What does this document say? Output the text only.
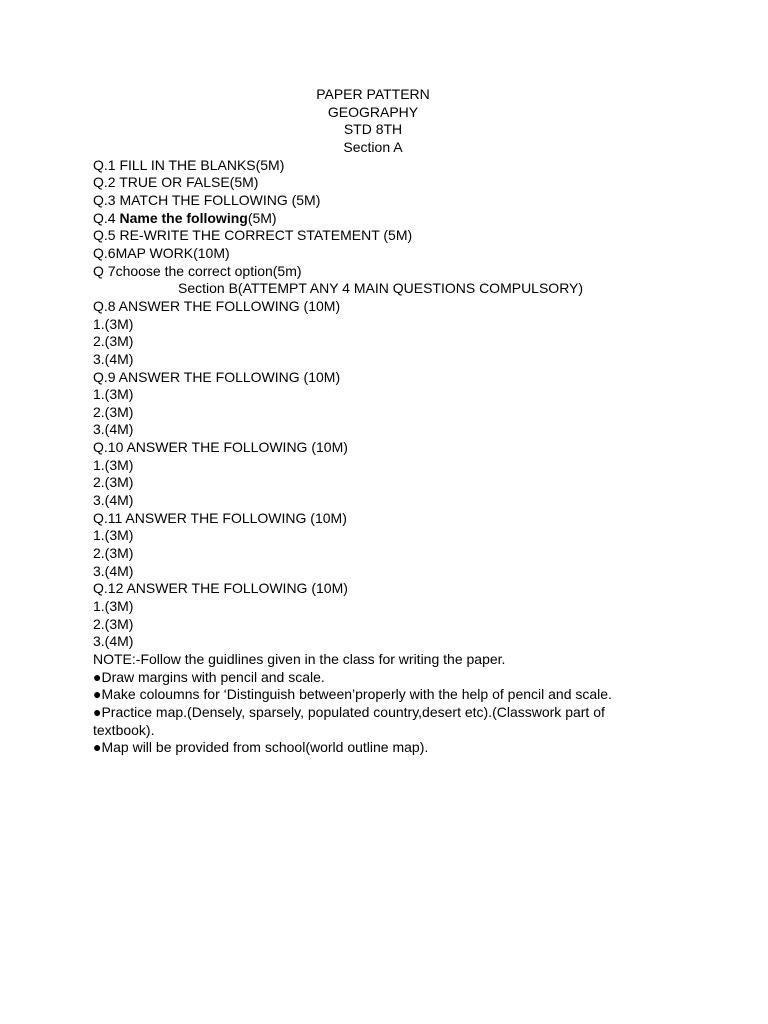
PAPER PATTERN
GEOGRAPHY
STD 8TH
Section A
Q.1 FILL IN THE BLANKS(5M)
Q.2 TRUE OR FALSE(5M)
Q.3 MATCH THE FOLLOWING (5M)
Q.4 Name the following(5M)
Q.5 RE-WRITE THE CORRECT STATEMENT (5M)
Q.6MAP WORK(10M)
Q 7choose the correct option(5m)
Section B(ATTEMPT ANY 4 MAIN QUESTIONS COMPULSORY)
Q.8 ANSWER THE FOLLOWING (10M)
1.(3M)
2.(3M)
3.(4M)
Q.9 ANSWER THE FOLLOWING (10M)
1.(3M)
2.(3M)
3.(4M)
Q.10 ANSWER THE FOLLOWING (10M)
1.(3M)
2.(3M)
3.(4M)
Q.11 ANSWER THE FOLLOWING (10M)
1.(3M)
2.(3M)
3.(4M)
Q.12 ANSWER THE FOLLOWING (10M)
1.(3M)
2.(3M)
3.(4M)
NOTE:-Follow the guidlines given in the class for writing the paper.
●Draw margins with pencil and scale.
●Make coloumns for ‘Distinguish between’properly with the help of pencil and scale.
●Practice map.(Densely, sparsely, populated country,desert etc).(Classwork part of textbook).
●Map will be provided from school(world outline map).
